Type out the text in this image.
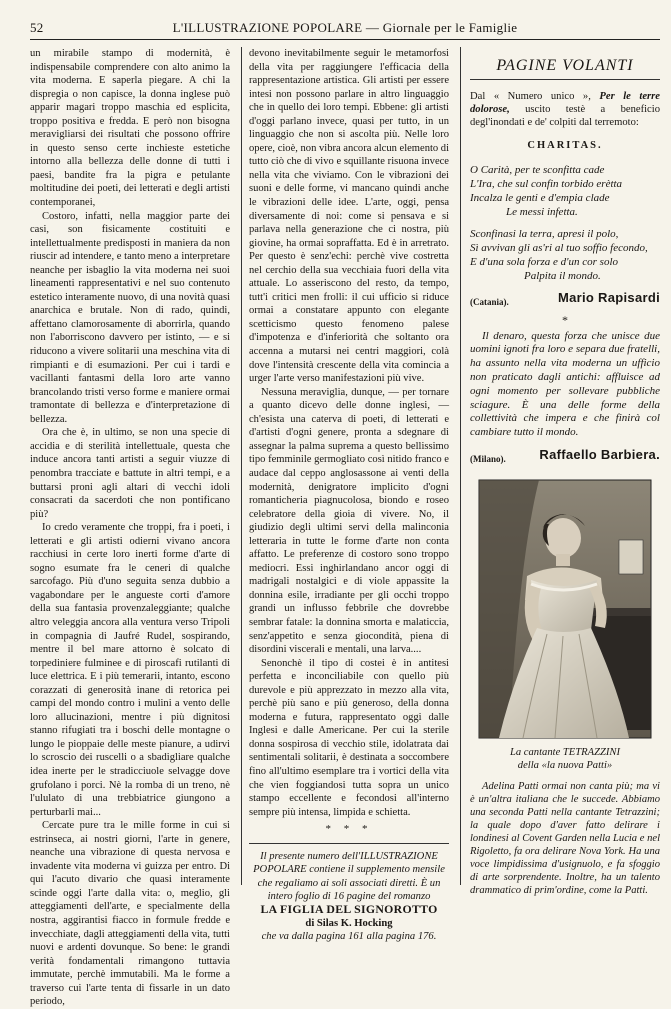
52	L'ILLUSTRAZIONE POPOLARE — Giornale per le Famiglie

un mirabile stampo di modernità, è indispensabile comprendere con alto animo la vita moderna. E saperla piegare. A chi la dispregia o non capisce, la donna inglese può apparir magari troppo maschia ed esplicita, troppo positiva e fredda. E però non bisogna meravigliarsi dei risultati che possono offrire in questo senso certe inchieste estetiche intorno alla bellezza delle donne di tutti i paesi, bandite fra la pigra e petulante moltitudine dei poeti, dei letterati e degli artisti contemporanei,

Costoro, infatti, nella maggior parte dei casi, son fisicamente costituiti e intellettualmente predisposti in maniera da non riuscir ad intendere, e tanto meno a interpretare neanche per isbaglio la vita moderna nei suoi lineamenti rappresentativi e nel suo contenuto estetico interamente nuovo, di una novità quasi anarchica e brutale. Non di rado, quindi, affettano clamorosamente di aborrirla, quando non l'aborriscono davvero per istinto, — e si riducono a vivere solitarii una meschina vita di rimpianti e di esumazioni. Per cui i tardi e vacillanti fantasmi della loro arte vanno brancolando tristi verso forme e maniere ormai tramontate di bellezza e d'interpretazione di bellezza.

Ora che è, in ultimo, se non una specie di accidia e di sterilità intellettuale, questa che induce ancora tanti artisti a seguir viuzze di penombra tracciate e battute in altri tempi, e a buttarsi proni agli altari di vecchi idoli consacrati da sacerdoti che non pontificano più?

Io credo veramente che troppi, fra i poeti, i letterati e gli artisti odierni vivano ancora racchiusi in certe loro inerti forme d'arte di sogno esumate fra le ceneri di qualche sarcofago. Più d'uno seguita senza dubbio a vagabondare per le angueste corti d'amore della sua fantasia provenzaleggiante; qualche altro veleggia ancora alla ventura verso Tripoli in compagnia di Jaufré Rudel, sospirando, mentre il bel mare attorno è solcato di torpediniere fulminee e di piroscafi rutilanti di luce elettrica. E i più temerarii, intanto, escono corazzati di generosità inane di retorica pei campi del mondo contro i mulini a vento delle loro allucinazioni, mentre i più dignitosi stanno rifugiati tra i boschi delle montagne o lungo le pioppaie delle meste pianure, a udirvi lo scroscio dei ruscelli o a sbadigliare qualche idea inerte per le stradicciuole selvagge dove grufolano i porci. Nè la romba di un treno, nè l'ululato di una trebbiatrice giungono a perturbarli mai...

Cercate pure tra le mille forme in cui si estrinseca, ai nostri giorni, l'arte in genere, neanche una vibrazione di questa nervosa e invadente vita moderna vi guizza per entro. Di qui l'acuto divario che quasi interamente scinde oggi l'arte dalla vita: o, meglio, gli atteggiamenti dell'arte, e specialmente della nostra, aggirantisi fiacco in formule fredde e invecchiate, dagli atteggiamenti della vita, tutti nuovi e ardenti dovunque. So bene: le grandi verità fondamentali rimangono tuttavia immutate, perchè immutabili. Ma le forme a traverso cui l'arte tenta di fissarle in un dato periodo,

devono inevitabilmente seguir le metamorfosi della vita per raggiungere l'efficacia della rappresentazione artistica. Gli artisti per essere intesi non possono parlare in altro linguaggio che in quello dei loro tempi. Ebbene: gli artisti d'oggi parlano invece, quasi per tutto, in un linguaggio che non si ascolta più. Nelle loro opere, cioè, non vibra ancora alcun elemento di tutto ciò che di vivo e squillante risuona invece nella vita che viviamo. Con le vibrazioni dei suoni e delle forme, vi mancano quindi anche le vibrazioni delle idee. L'arte, oggi, pensa diversamente di noi: come si pensava e si parlava nella generazione che ci nostra, più giovine, ha ormai sopraffatta. Ed è in arretrato. Per questo è senz'echi: perchè vive costretta nel cerchio della sua vecchiaia fuori della vita attuale. Lo asseriscono del resto, da tempo, tutt'i critici men frolli: il cui ufficio si riduce ormai a constatare appunto con elegante scetticismo questo fenomeno palese d'impotenza e d'inferiorità che soltanto ora accenna a mutarsi nei centri maggiori, colà dove l'intensità crescente della vita comincia a urger l'arte verso manifestazioni più vive.

Nessuna meraviglia, dunque, — per tornare a quanto dicevo delle donne inglesi, — ch'esista una caterva di poeti, di letterati e d'artisti d'ogni genere, pronta a sdegnare di assegnar la palma suprema a questo bellissimo tipo femminile germogliato così nitido franco e audace dal ceppo anglosassone ai venti della modernità, denigratore implicito d'ogni romanticheria piagnucolosa, biondo e roseo celebratore della gioia di vivere. No, il giudizio degli ultimi servi della malinconia letteraria in tutte le forme d'arte non conta affatto. Le preferenze di costoro sono troppo mediocri. Essi inghirlandano ancor oggi di madrigali nostalgici e di viole appassite la donnina esile, irradiante per gli occhi troppo grandi un influsso febbrile che dovrebbe sembrar fatale: la donnina smorta e malaticcia, senz'appetito e senza giocondità, piena di disordini viscerali e mentali, una larva....

Senonchè il tipo di costei è in antitesi perfetta e inconciliabile con quello più durevole e più apprezzato in mezzo alla vita, perchè più sano e più generoso, della donna moderna e futura, rappresentato oggi dalle Inglesi e dalle Americane. Per cui la sterile donna sospirosa di vecchio stile, idolatrata dai sentimentali solitarii, è destinata a soccombere fino all'ultimo esemplare tra i vortici della vita che vien foggiandosi tutta sopra un unico stampo eccellente e fecondosi all'interno sempre più intensa, limpida e schietta.

* * *
Il presente numero dell'ILLUSTRAZIONE POPOLARE contiene il supplemento mensile che regaliamo ai soli associati diretti. È un intero foglio di 16 pagine del romanzo
LA FIGLIA DEL SIGNOROTTO
di Silas K. Hocking
che va dalla pagina 161 alla pagina 176.
PAGINE VOLANTI
Dal « Numero unico », Per le terre dolorose, uscito testè a beneficio degl'inondati e de' colpiti dal terremoto:
CHARITAS.
O Carità, per te sconfitta cade
L'Ira, che sul confin torbido erètta
Incalza le genti e d'empia clade
Le messi infetta.
Sconfinasi la terra, apresi il polo,
Sì avvivan gli as'ri al tuo soffio fecondo,
E d'una sola forza e d'un cor solo
Palpita il mondo.
(Catania).	Mario Rapisardi
*

Il denaro, questa forza che unisce due uomini ignoti fra loro e separa due fratelli, ha assunto nella vita moderna un ufficio non praticato dagli antichi: affluisce ad ogni momento per sollevare pubbliche sciagure. È una delle forme della collettività che impera e che finirà col cambiare tutto il mondo.

(Milano).	Raffaello Barbiera.
La cantante TETRAZZINI
della «la nuova Patti»

Adelina Patti ormai non canta più; ma vi è un'altra italiana che le succede. Abbiamo una seconda Patti nella cantante Tetrazzini; la quale dopo d'aver fatto delirare i londinesi al Covent Garden nella Lucia e nel Rigoletto, fa ora delirare Nova York. Ha una voce limpidissima d'usignuolo, e fa sfoggio di arte sorprendente. Inoltre, ha un talento drammatico di prim'ordine, come la Patti.
